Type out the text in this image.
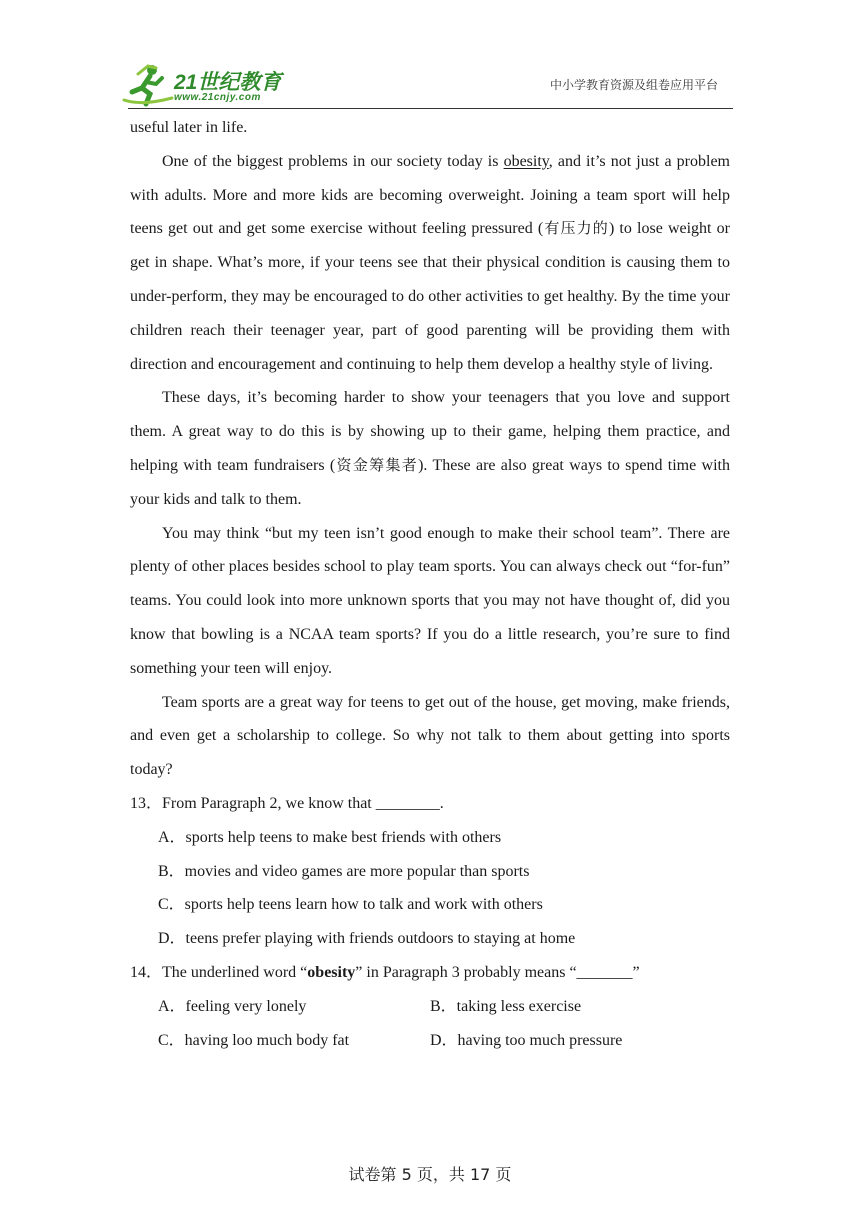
21世纪教育
www.21cnjy.com
中小学教育资源及组卷应用平台

useful later in life.

One of the biggest problems in our society today is obesity, and it’s not just a problem with adults. More and more kids are becoming overweight. Joining a team sport will help teens get out and get some exercise without feeling pressured (有压力的) to lose weight or get in shape. What’s more, if your teens see that their physical condition is causing them to under-perform, they may be encouraged to do other activities to get healthy. By the time your children reach their teenager year, part of good parenting will be providing them with direction and encouragement and continuing to help them develop a healthy style of living.

These days, it’s becoming harder to show your teenagers that you love and support them. A great way to do this is by showing up to their game, helping them practice, and helping with team fundraisers (资金筹集者). These are also great ways to spend time with your kids and talk to them.

You may think “but my teen isn’t good enough to make their school team”. There are plenty of other places besides school to play team sports. You can always check out “for-fun” teams. You could look into more unknown sports that you may not have thought of, did you know that bowling is a NCAA team sports? If you do a little research, you’re sure to find something your teen will enjoy.

Team sports are a great way for teens to get out of the house, get moving, make friends, and even get a scholarship to college. So why not talk to them about getting into sports today?

13．From Paragraph 2, we know that ________.

A．sports help teens to make best friends with others

B．movies and video games are more popular than sports

C．sports help teens learn how to talk and work with others

D．teens prefer playing with friends outdoors to staying at home

14．The underlined word “obesity” in Paragraph 3 probably means “_______”

A．feeling very lonely	B．taking less exercise
C．having loo much body fat	D．having too much pressure
试卷第 5 页，共 17 页
